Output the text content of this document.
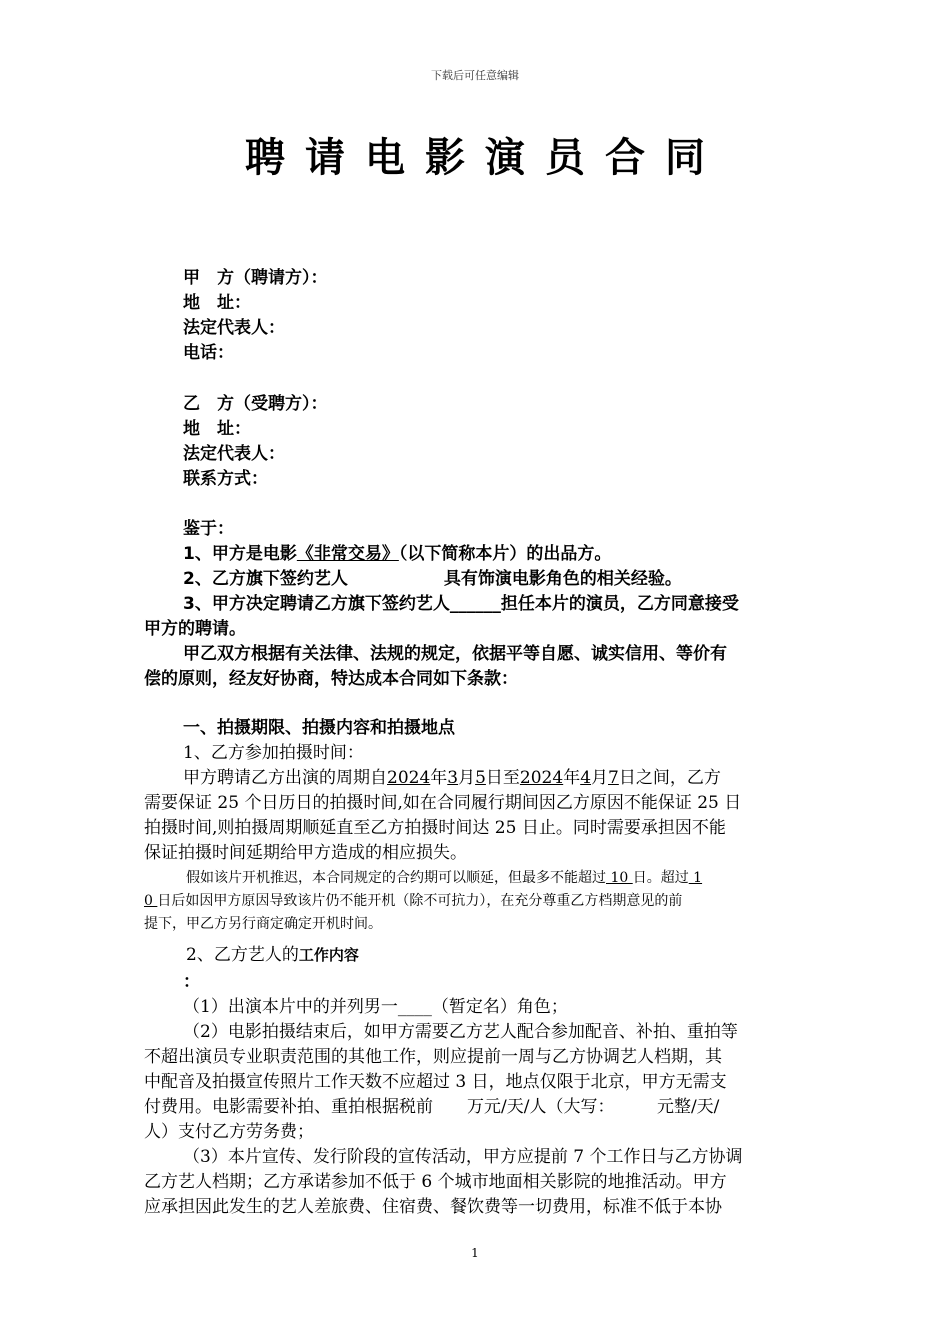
下载后可任意编辑
聘请电影演员合同
甲　方（聘请方）：
地　址：
法定代表人：
电话：
乙　方（受聘方）：
地　址：
法定代表人：
联系方式：
鉴于：
1、甲方是电影《非常交易》（以下简称本片）的出品方。
2、乙方旗下签约艺人	具有饰演电影角色的相关经验。
3、甲方决定聘请乙方旗下签约艺人______担任本片的演员，乙方同意接受
甲方的聘请。
甲乙双方根据有关法律、法规的规定，依据平等自愿、诚实信用、等价有
偿的原则，经友好协商，特达成本合同如下条款：
一、拍摄期限、拍摄内容和拍摄地点
1、乙方参加拍摄时间：
甲方聘请乙方出演的周期自2024年3月5日至2024年4月7日之间，乙方
需要保证 25 个日历日的拍摄时间,如在合同履行期间因乙方原因不能保证 25 日
拍摄时间,则拍摄周期顺延直至乙方拍摄时间达 25 日止。同时需要承担因不能
保证拍摄时间延期给甲方造成的相应损失。
假如该片开机推迟，本合同规定的合约期可以顺延，但最多不能超过 10 日。超过 1
0 日后如因甲方原因导致该片仍不能开机（除不可抗力），在充分尊重乙方档期意见的前
提下，甲乙方另行商定确定开机时间。
2、乙方艺人的工作内容
：
（1）出演本片中的并列男一____（暂定名）角色；
（2）电影拍摄结束后，如甲方需要乙方艺人配合参加配音、补拍、重拍等
不超出演员专业职责范围的其他工作，则应提前一周与乙方协调艺人档期，其
中配音及拍摄宣传照片工作天数不应超过 3 日，地点仅限于北京，甲方无需支
付费用。电影需要补拍、重拍根据税前　　万元/天/人（大写：　　　元整/天/
人）支付乙方劳务费；
（3）本片宣传、发行阶段的宣传活动，甲方应提前 7 个工作日与乙方协调
乙方艺人档期；乙方承诺参加不低于 6 个城市地面相关影院的地推活动。甲方
应承担因此发生的艺人差旅费、住宿费、餐饮费等一切费用，标准不低于本协
1
